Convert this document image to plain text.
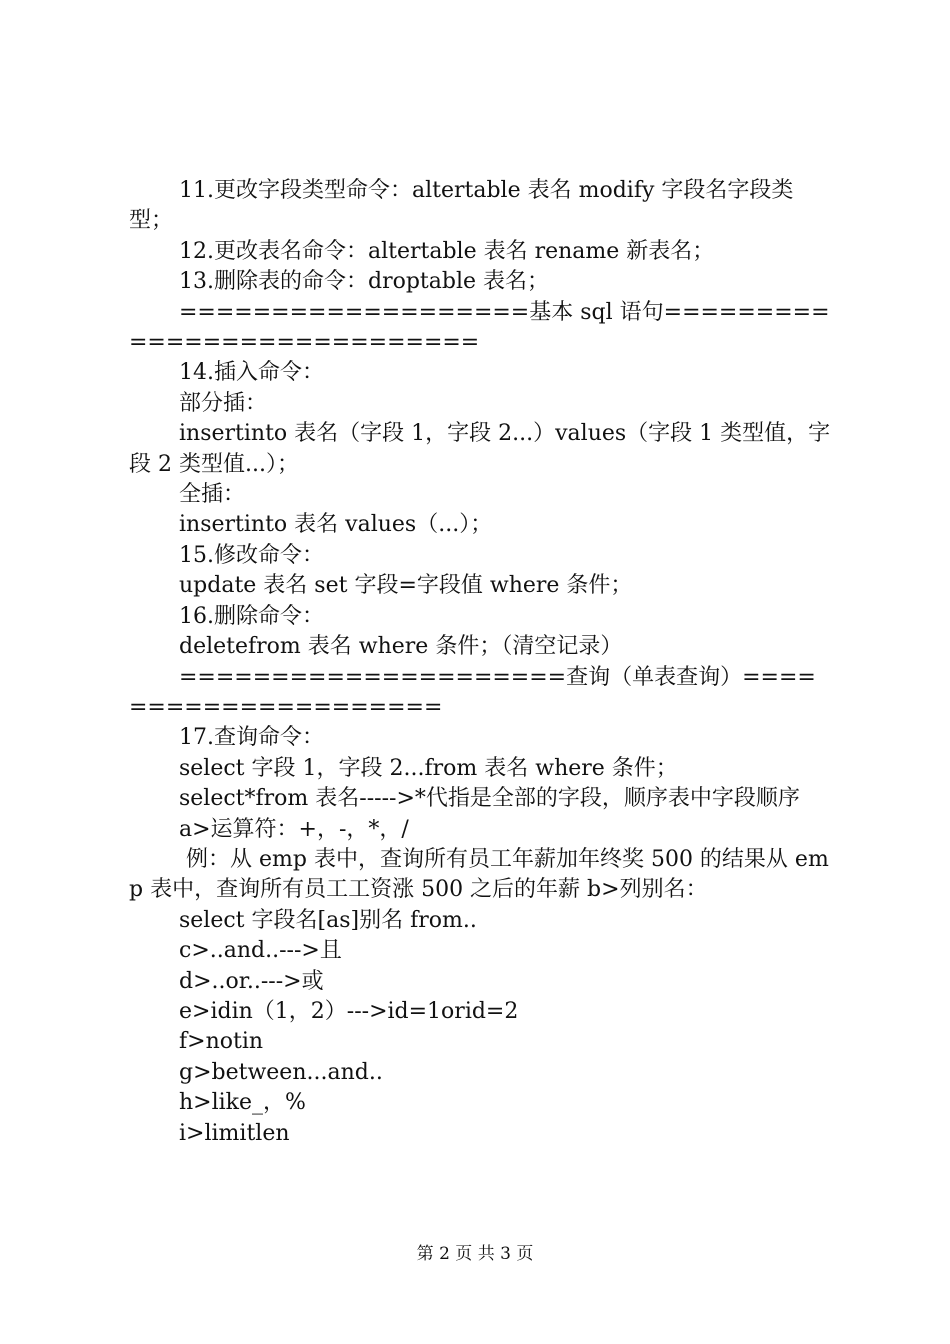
11.更改字段类型命令：altertable 表名 modify 字段名字段类型；

12.更改表名命令：altertable 表名 rename 新表名；

13.删除表的命令：droptable 表名；

===================基本 sql 语句============================

14.插入命令：

部分插：

insertinto 表名（字段 1，字段 2...）values（字段 1 类型值，字段 2 类型值...）；

全插：

insertinto 表名 values（...）；

15.修改命令：

update 表名 set 字段=字段值 where 条件；

16.删除命令：

deletefrom 表名 where 条件；（清空记录）

=====================查询（单表查询）=====================

17.查询命令：

select 字段 1，字段 2...from 表名 where 条件；

select*from 表名----->*代指是全部的字段，顺序表中字段顺序

a>运算符：+，-，*，/

例：从 emp 表中，查询所有员工年薪加年终奖 500 的结果从 emp 表中，查询所有员工工资涨 500 之后的年薪 b>列别名：

select 字段名[as]别名 from..

c>..and..--->且

d>..or..--->或

e>idin（1，2）--->id=1orid=2

f>notin

g>between...and..

h>like_，%

i>limitlen

第 2 页 共 3 页
